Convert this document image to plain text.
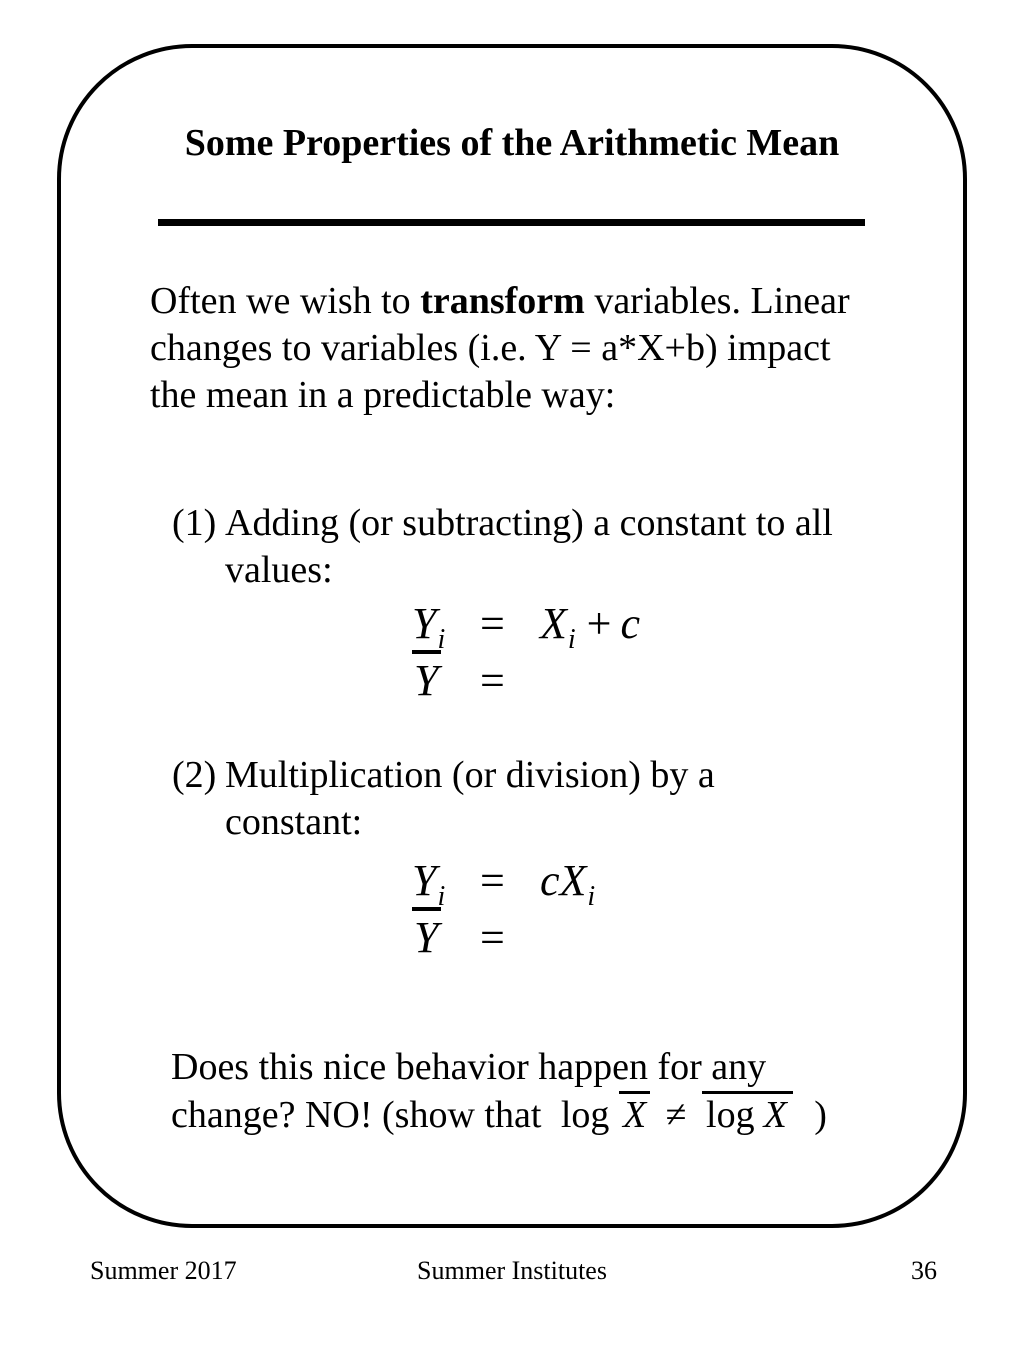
Some Properties of the Arithmetic Mean
Often we wish to transform variables. Linear changes to variables (i.e. Y = a*X+b) impact the mean in a predictable way:
(1) Adding (or subtracting) a constant to all values:
$Y_i = X_i + c$
Y =
(2) Multiplication (or division) by a constant:
$Y_i = cX_i$
Y =
Does this nice behavior happen for any
change? NO! (show that log X ≠ log X )
Summer 2017	Summer Institutes	36
